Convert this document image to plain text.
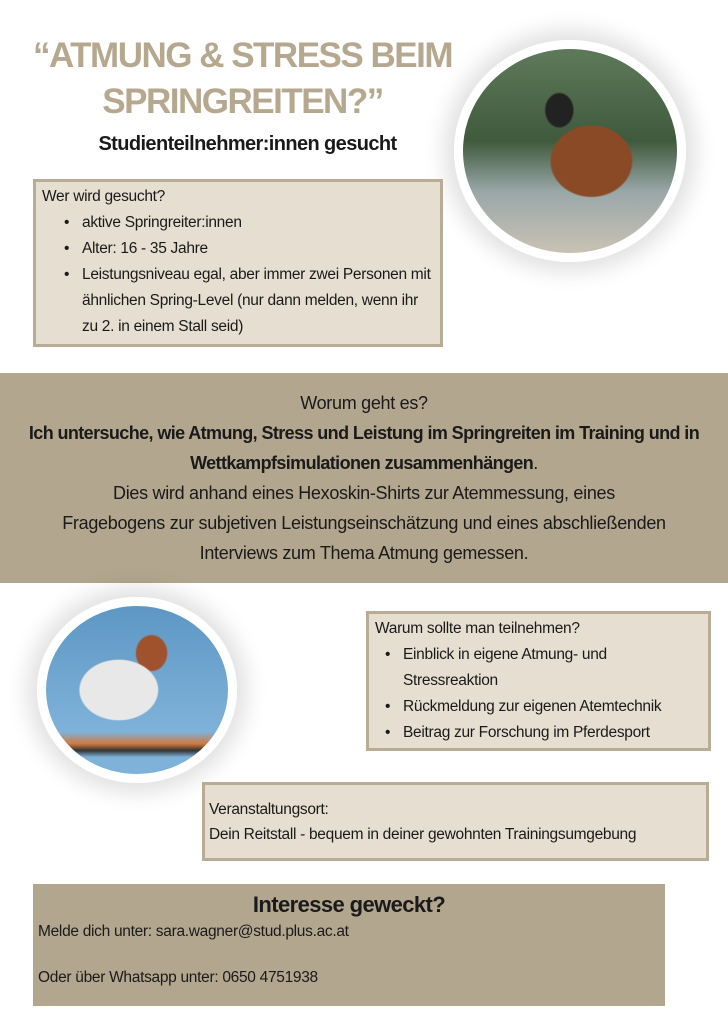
“ATMUNG & STRESS BEIM
SPRINGREITEN?”
Studienteilnehmer:innen gesucht
Wer wird gesucht?
• aktive Springreiter:innen
• Alter: 16 - 35 Jahre
• Leistungsniveau egal, aber immer zwei Personen mit ähnlichen Spring-Level (nur dann melden, wenn ihr zu 2. in einem Stall seid)
Worum geht es?
Ich untersuche, wie Atmung, Stress und Leistung im Springreiten im Training und in Wettkampfsimulationen zusammenhängen.
Dies wird anhand eines Hexoskin-Shirts zur Atemmessung, eines Fragebogens zur subjetiven Leistungseinschätzung und eines abschließenden Interviews zum Thema Atmung gemessen.
Warum sollte man teilnehmen?
• Einblick in eigene Atmung- und Stressreaktion
• Rückmeldung zur eigenen Atemtechnik
• Beitrag zur Forschung im Pferdesport
Veranstaltungsort:
Dein Reitstall - bequem in deiner gewohnten Trainingsumgebung
Interesse geweckt?
Melde dich unter: sara.wagner@stud.plus.ac.at
Oder über Whatsapp unter: 0650 4751938
